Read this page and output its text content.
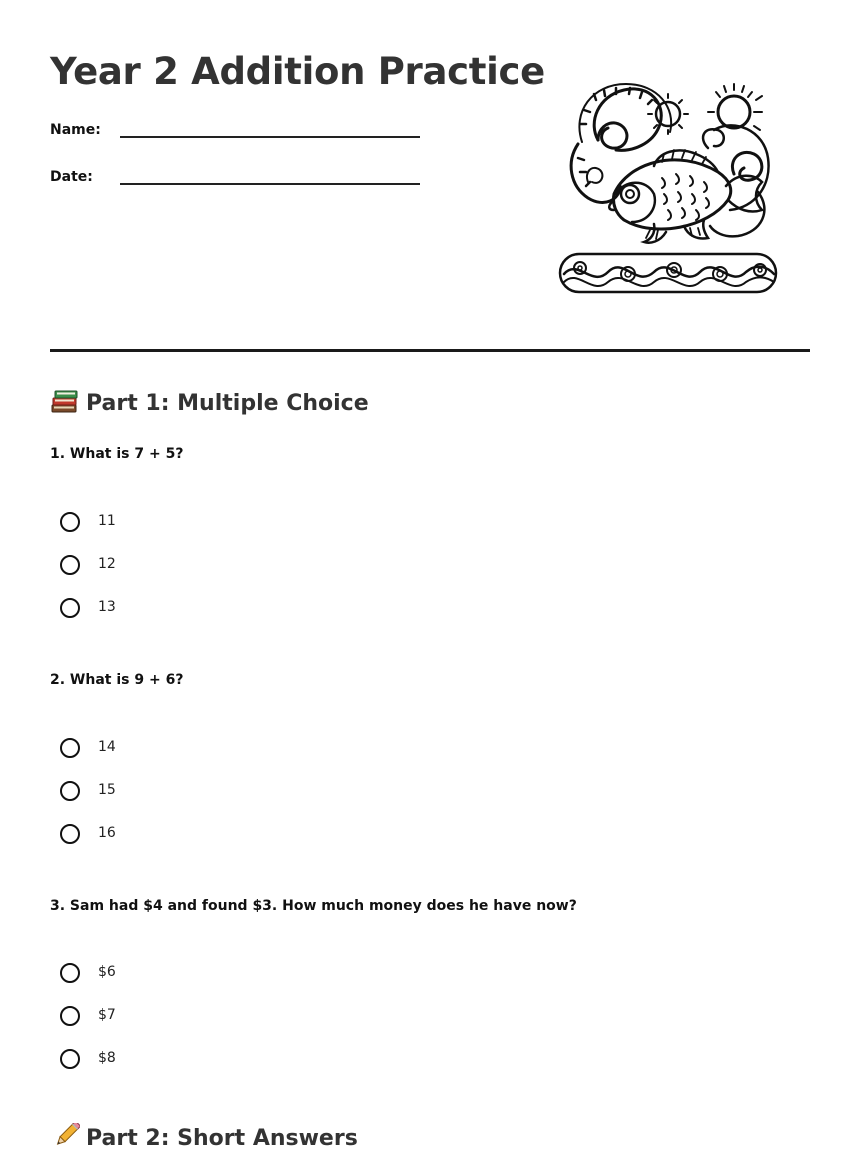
Year 2 Addition Practice
Name:
Date:
Part 1: Multiple Choice

1. What is 7 + 5?

11
12
13

2. What is 9 + 6?

14
15
16

3. Sam had $4 and found $3. How much money does he have now?

$6
$7
$8
Part 2: Short Answers
